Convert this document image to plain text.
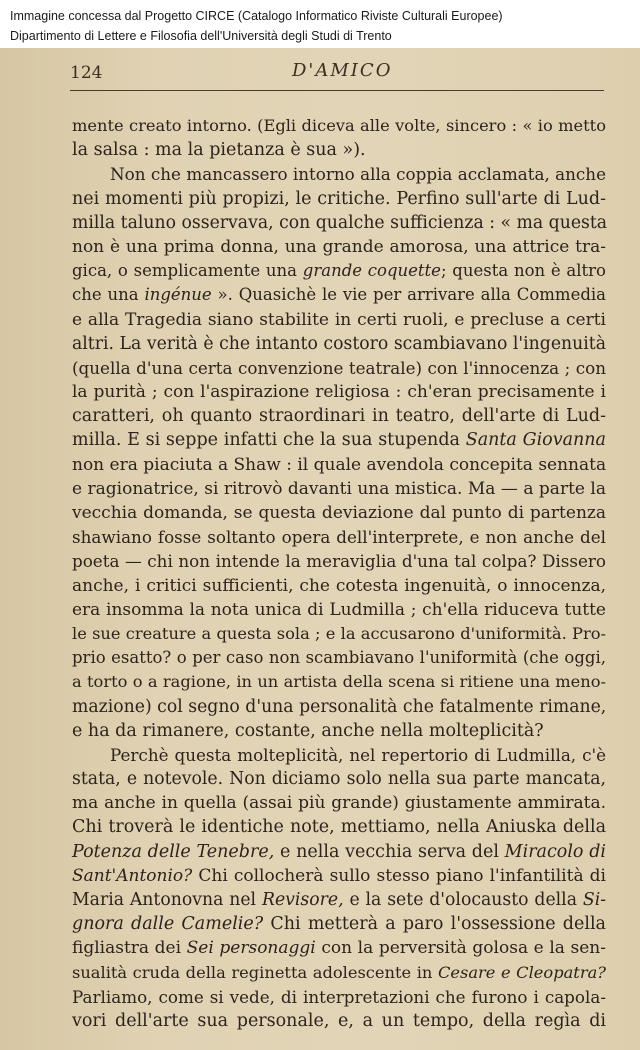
Immagine concessa dal Progetto CIRCE (Catalogo Informatico Riviste Culturali Europee)
Dipartimento di Lettere e Filosofia dell'Università degli Studi di Trento
124	D'AMICO
mente creato intorno. (Egli diceva alle volte, sincero : « io metto
la salsa : ma la pietanza è sua »).
Non che mancassero intorno alla coppia acclamata, anche
nei momenti più propizi, le critiche. Perfino sull'arte di Lud-
milla taluno osservava, con qualche sufficienza : « ma questa
non è una prima donna, una grande amorosa, una attrice tra-
gica, o semplicamente una grande coquette; questa non è altro
che una ingénue ». Quasichè le vie per arrivare alla Commedia
e alla Tragedia siano stabilite in certi ruoli, e precluse a certi
altri. La verità è che intanto costoro scambiavano l'ingenuità
(quella d'una certa convenzione teatrale) con l'innocenza ; con
la purità ; con l'aspirazione religiosa : ch'eran precisamente i
caratteri, oh quanto straordinari in teatro, dell'arte di Lud-
milla. E si seppe infatti che la sua stupenda Santa Giovanna
non era piaciuta a Shaw : il quale avendola concepita sennata
e ragionatrice, si ritrovò davanti una mistica. Ma — a parte la
vecchia domanda, se questa deviazione dal punto di partenza
shawiano fosse soltanto opera dell'interprete, e non anche del
poeta — chi non intende la meraviglia d'una tal colpa? Dissero
anche, i critici sufficienti, che cotesta ingenuità, o innocenza,
era insomma la nota unica di Ludmilla ; ch'ella riduceva tutte
le sue creature a questa sola ; e la accusarono d'uniformità. Pro-
prio esatto? o per caso non scambiavano l'uniformità (che oggi,
a torto o a ragione, in un artista della scena si ritiene una meno-
mazione) col segno d'una personalità che fatalmente rimane,
e ha da rimanere, costante, anche nella molteplicità?
Perchè questa molteplicità, nel repertorio di Ludmilla, c'è
stata, e notevole. Non diciamo solo nella sua parte mancata,
ma anche in quella (assai più grande) giustamente ammirata.
Chi troverà le identiche note, mettiamo, nella Aniuska della
Potenza delle Tenebre, e nella vecchia serva del Miracolo di
Sant'Antonio? Chi collocherà sullo stesso piano l'infantilità di
Maria Antonovna nel Revisore, e la sete d'olocausto della Si-
gnora dalle Camelie? Chi metterà a paro l'ossessione della
figliastra dei Sei personaggi con la perversità golosa e la sen-
sualità cruda della reginetta adolescente in Cesare e Cleopatra?
Parliamo, come si vede, di interpretazioni che furono i capola-
vori dell'arte sua personale, e, a un tempo, della regìa di
